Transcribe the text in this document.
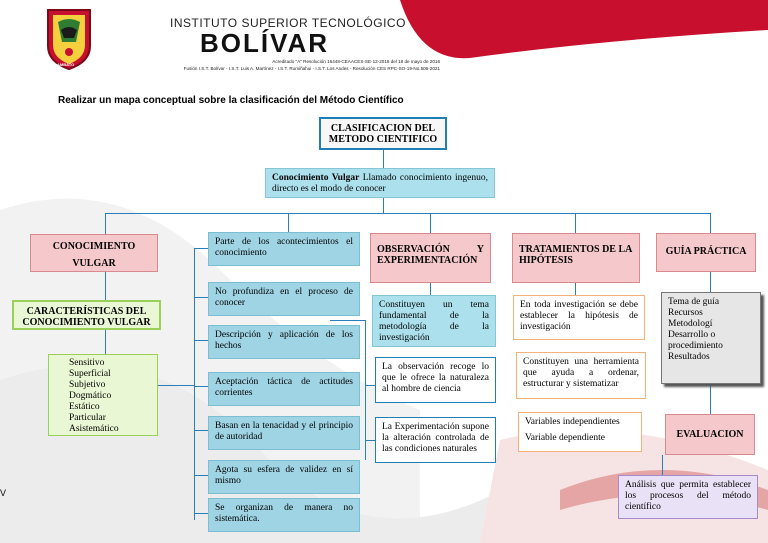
AMBATO
INSTITUTO SUPERIOR TECNOLÓGICO
BOLÍVAR
Acreditado "A" Resolución 16448-CEAACES-SE-12-2016 del 18 de mayo de 2016
Fusión I.S.T. Bolívar - I.S.T. Luis A. Martínez - I.S.T. Rumiñahui - I.S.T. Los Andes - Resolución CES RPC-SO-19-No.506-2021
Realizar un mapa conceptual sobre la clasificación del Método Científico
CLASIFICACION DEL METODO CIENTIFICO
Conocimiento Vulgar Llamado conocimiento ingenuo, directo es el modo de conocer
CONOCIMIENTO VULGAR
OBSERVACIÓN Y EXPERIMENTACIÓN
TRATAMIENTOS DE LA HIPÓTESIS
GUÍA PRÁCTICA
CARACTERÍSTICAS DEL CONOCIMIENTO VULGAR
Sensitivo
Superficial
Subjetivo
Dogmático
Estático
Particular
Asistemático
Parte de los acontecimientos el conocimiento
No profundiza en el proceso de conocer
Descripción y aplicación de los hechos
Aceptación táctica de actitudes corrientes
Basan en la tenacidad y el principio de autoridad
Agota su esfera de validez en sí mismo
Se organizan de manera no sistemática.
Constituyen un tema fundamental de la metodología de la investigación
La observación recoge lo que le ofrece la naturaleza al hombre de ciencia
La Experimentación supone la alteración controlada de las condiciones naturales
En toda investigación se debe establecer la hipótesis de investigación
Constituyen una herramienta que ayuda a ordenar, estructurar y sistematizar
Variables independientes
Variable dependiente
Tema de guía
Recursos
Metodologí
Desarrollo o procedimiento
Resultados
EVALUACION
Análisis que permita establecer los procesos del método científico
V
